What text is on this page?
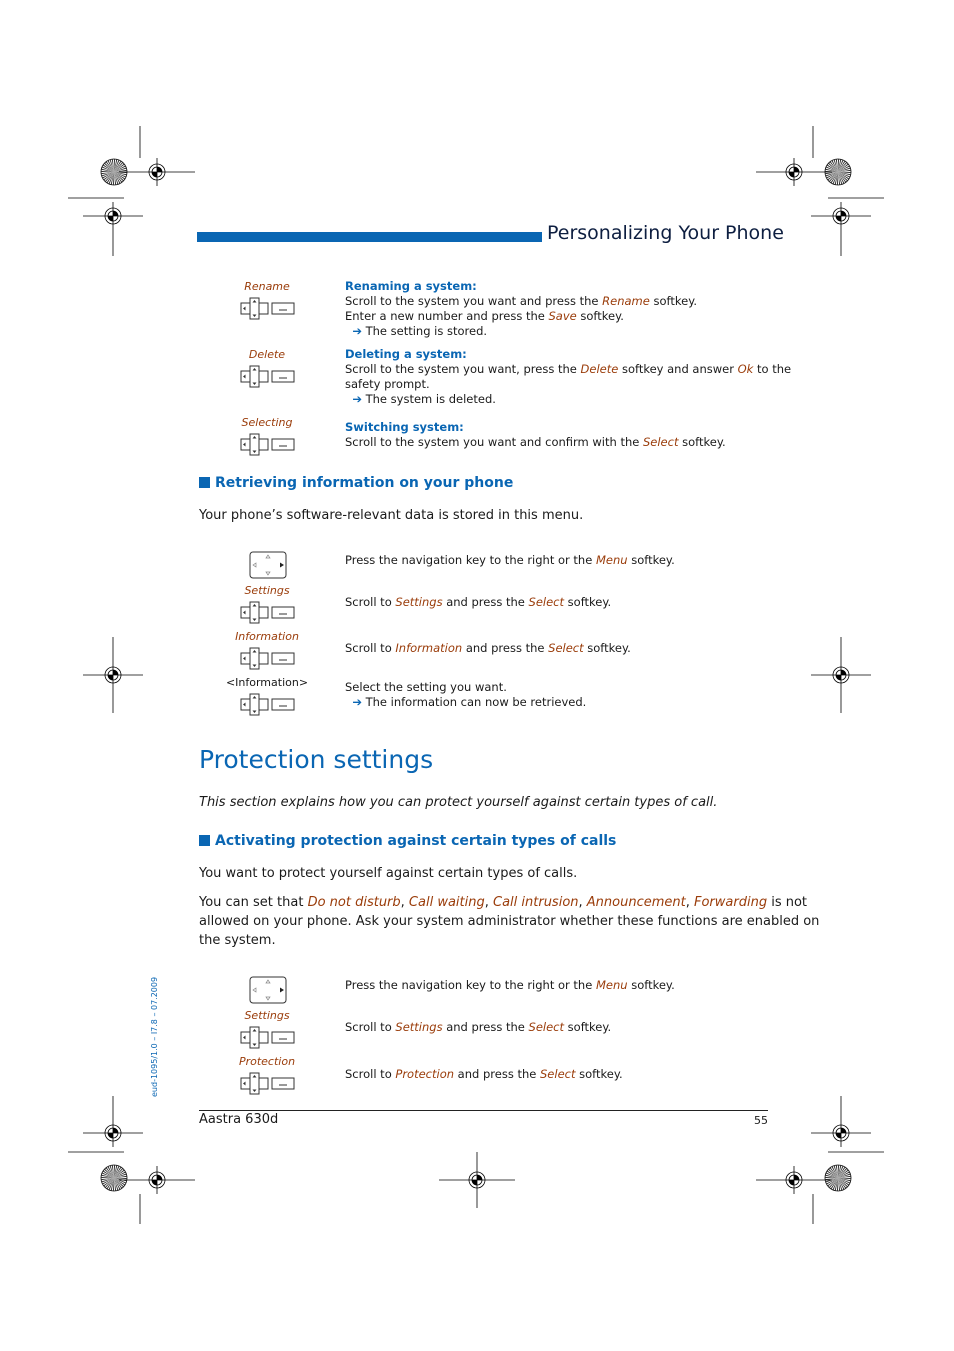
Personalizing Your Phone
Rename	Renaming a system:
Scroll to the system you want and press the Rename softkey.
Enter a new number and press the Save softkey.
➔ The setting is stored.
Delete	Deleting a system:
Scroll to the system you want, press the Delete softkey and answer Ok to the
safety prompt.
➔ The system is deleted.
Selecting	Switching system:
Scroll to the system you want and confirm with the Select softkey.
Retrieving information on your phone
Your phone’s software-relevant data is stored in this menu.
Press the navigation key to the right or the Menu softkey.
Settings
Scroll to Settings and press the Select softkey.
Information
Scroll to Information and press the Select softkey.
<Information>	Select the setting you want.
➔ The information can now be retrieved.
Protection settings
This section explains how you can protect yourself against certain types of call.
Activating protection against certain types of calls
You want to protect yourself against certain types of calls.
You can set that Do not disturb, Call waiting, Call intrusion, Announcement, Forwarding is not
allowed on your phone. Ask your system administrator whether these functions are enabled on
the system.
Press the navigation key to the right or the Menu softkey.
Settings
Scroll to Settings and press the Select softkey.
Protection
Scroll to Protection and press the Select softkey.
Aastra 630d	55
eud-1095/1.0 – I7.8 – 07.2009
